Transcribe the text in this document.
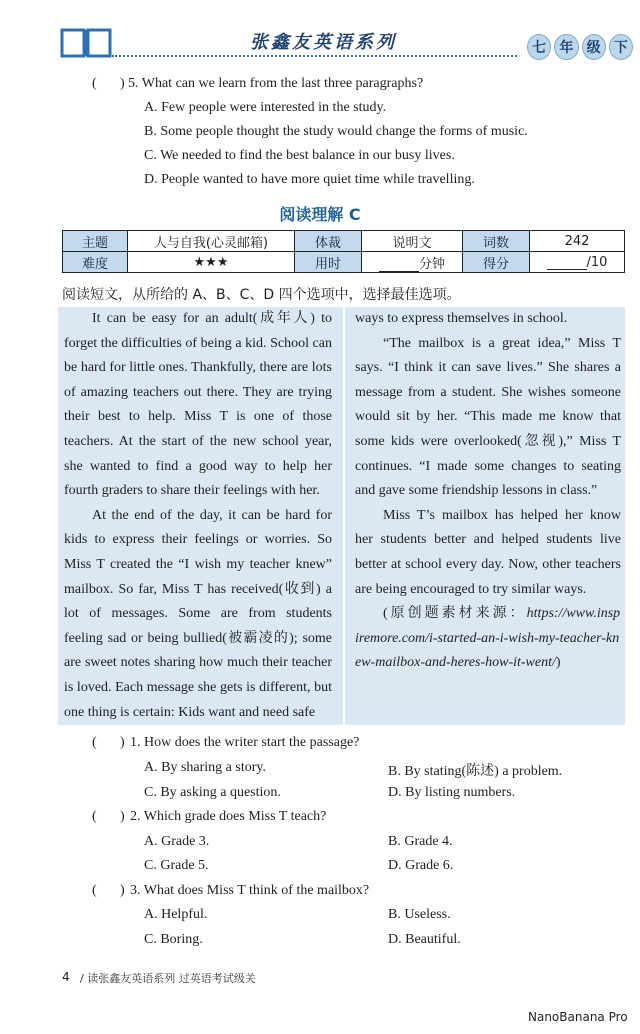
张鑫友英语系列	七 年 级 下
( ) 5. What can we learn from the last three paragraphs?
A. Few people were interested in the study.
B. Some people thought the study would change the forms of music.
C. We needed to find the best balance in our busy lives.
D. People wanted to have more quiet time while travelling.
阅读理解 C
主题	人与自我(心灵邮箱)	体裁	说明文	词数	242
难度	★★★	用时	分钟	得分	/10
阅读短文，从所给的 A、B、C、D 四个选项中，选择最佳选项。

It can be easy for an adult(成年人) to forget the difficulties of being a kid. School can be hard for little ones. Thankfully, there are lots of amazing teachers out there. They are trying their best to help. Miss T is one of those teachers. At the start of the new school year, she wanted to find a good way to help her fourth graders to share their feelings with her.

At the end of the day, it can be hard for kids to express their feelings or worries. So Miss T created the “I wish my teacher knew” mailbox. So far, Miss T has received(收到) a lot of messages. Some are from students feeling sad or being bullied(被霸凌的); some are sweet notes sharing how much their teacher is loved. Each message she gets is different, but one thing is certain: Kids want and need safe

ways to express themselves in school.

“The mailbox is a great idea,” Miss T says. “I think it can save lives.” She shares a message from a student. She wishes someone would sit by her. “This made me know that some kids were overlooked(忽视),” Miss T continues. “I made some changes to seating and gave some friendship lessons in class.”

Miss T’s mailbox has helped her know her students better and helped students live better at school every day. Now, other teachers are being encouraged to try similar ways.

(原创题素材来源：https://www.inspiremore.com/i-started-an-i-wish-my-teacher-knew-mailbox-and-heres-how-it-went/)

( ) 1. How does the writer start the passage?
A. By sharing a story.	B. By stating(陈述) a problem.
C. By asking a question.	D. By listing numbers.
( ) 2. Which grade does Miss T teach?
A. Grade 3.	B. Grade 4.
C. Grade 5.	D. Grade 6.
( ) 3. What does Miss T think of the mailbox?
A. Helpful.	B. Useless.
C. Boring.	D. Beautiful.
4 / 读张鑫友英语系列 过英语考试级关
NanoBanana Pro
